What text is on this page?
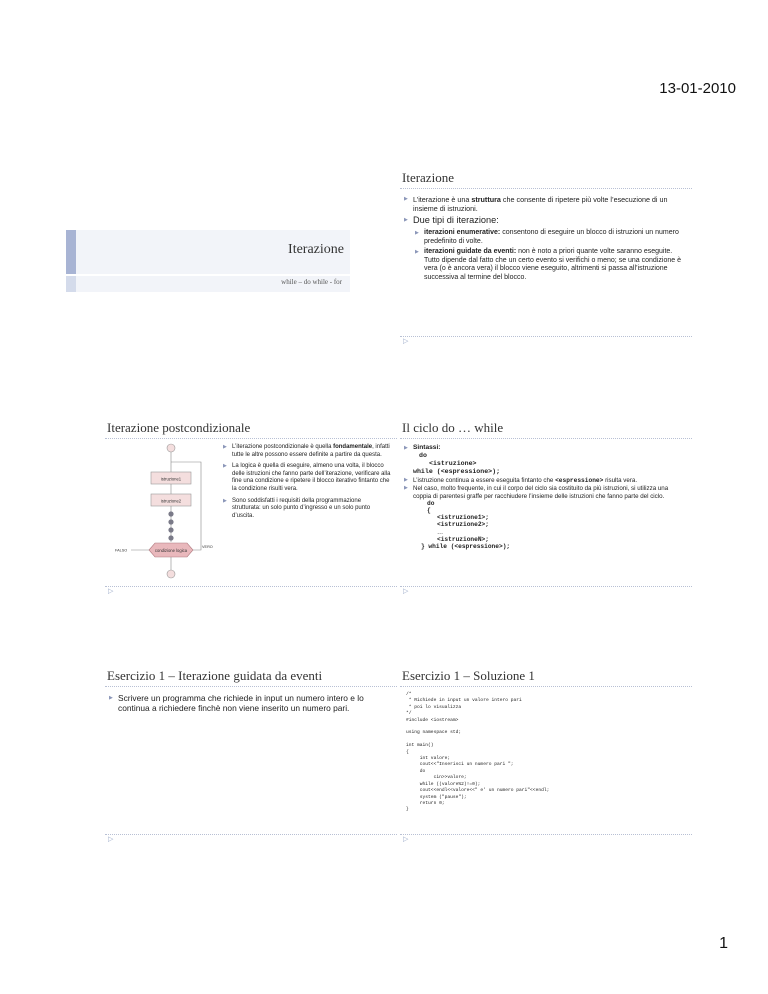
13-01-2010
Iterazione
while – do while - for
Iterazione
▶ L’iterazione è una struttura che consente di ripetere più volte l’esecuzione di un insieme di istruzioni.
▶ Due tipi di iterazione:
▶ iterazioni enumerative: consentono di eseguire un blocco di istruzioni un numero predefinito di volte.
▶ iterazioni guidate da eventi: non è noto a priori quante volte saranno eseguite.
Tutto dipende dal fatto che un certo evento si verifichi o meno; se una condizione è vera (o è ancora vera) il blocco viene eseguito, altrimenti si passa all’istruzione successiva al termine del blocco.
▷
Iterazione postcondizionale
istruzione1
istruzione2
condizione logica
FALSO
VERO
▶ L’iterazione postcondizionale è quella fondamentale, infatti tutte le altre possono essere definite a partire da questa.
▶ La logica è quella di eseguire, almeno una volta, il blocco delle istruzioni che fanno parte dell’iterazione, verificare alla fine una condizione e ripetere il blocco iterativo fintanto che la condizione risulti vera.
▶ Sono soddisfatti i requisiti della programmazione strutturata: un solo punto d’ingresso e un solo punto d’uscita.
▷
Il ciclo do … while
▶ Sintassi:
do
<istruzione>
while (<espressione>);
▶ L’istruzione continua a essere eseguita fintanto che <espressione> risulta vera.
▶ Nel caso, molto frequente, in cui il corpo del ciclo sia costituito da più istruzioni, si utilizza una coppia di parentesi graffe per racchiudere l’insieme delle istruzioni che fanno parte del ciclo.
do
{
<istruzione1>;
<istruzione2>;
…
<istruzioneN>;
} while (<espressione>);
▷
Esercizio 1 – Iterazione guidata da eventi
▶ Scrivere un programma che richiede in input un numero intero e lo continua a richiedere finchè non viene inserito un numero pari.
▷
Esercizio 1 – Soluzione 1
/*
* Richiede in input un valore intero pari
* poi lo visualizza
*/
#include <iostream>

using namespace std;

int main()
{
int valore;
cout<<"Inserisci un numero pari ";
do
cin>>valore;
while ((valore%2)!=0);
cout<<endl<<valore<<" e' un numero pari"<<endl;
system ("pause");
return 0;
}
▷
1
